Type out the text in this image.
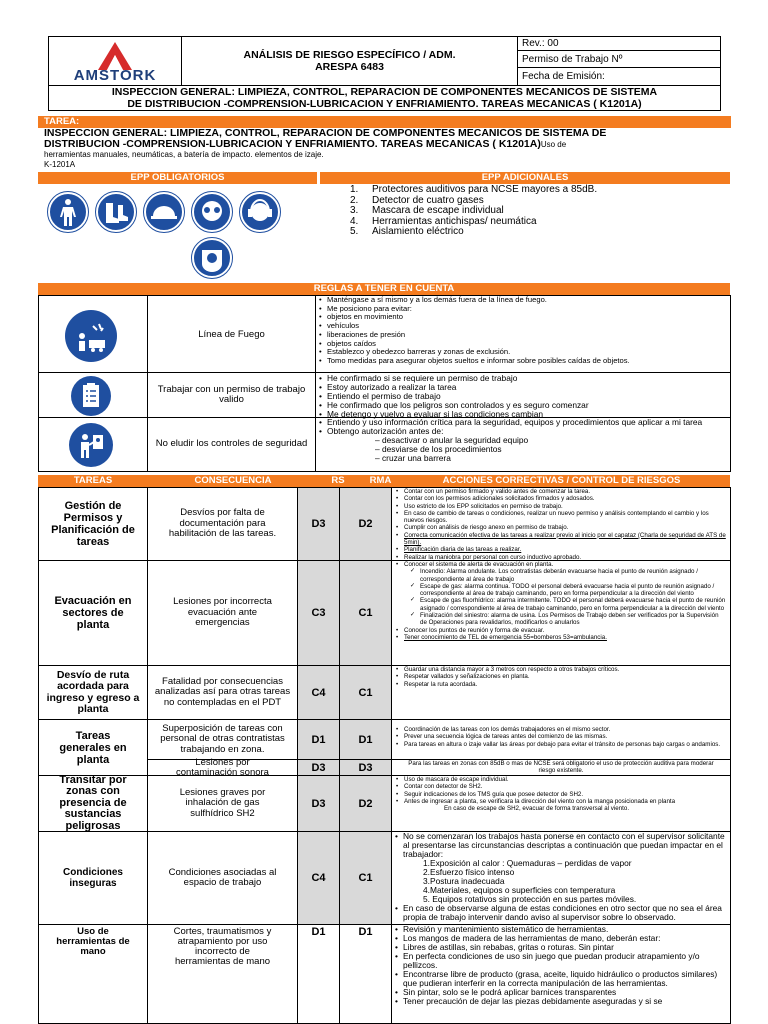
AMSTORK
ANÁLISIS DE RIESGO ESPECÍFICO / ADM.
ARESPA 6483
Rev.: 00
Permiso de Trabajo Nº
Fecha de Emisión:
INSPECCION GENERAL: LIMPIEZA, CONTROL, REPARACION DE COMPONENTES MECANICOS DE SISTEMA
DE DISTRIBUCION -COMPRENSION-LUBRICACION Y ENFRIAMIENTO. TAREAS MECANICAS ( K1201A)
TAREA:
INSPECCION GENERAL: LIMPIEZA, CONTROL, REPARACION DE COMPONENTES MECANICOS DE SISTEMA DE
DISTRIBUCION -COMPRENSION-LUBRICACION Y ENFRIAMIENTO. TAREAS MECANICAS ( K1201A)Uso de
herramientas manuales, neumáticas, a batería de impacto. elementos de izaje.
K-1201A
EPP OBLIGATORIOS	EPP ADICIONALES
1. Protectores auditivos para NCSE mayores a 85dB.
2. Detector de cuatro gases
3. Mascara de escape individual
4. Herramientas antichispas/ neumática
5. Aislamiento eléctrico
REGLAS A TENER EN CUENTA
Línea de Fuego
• Manténgase a sí mismo y a los demás fuera de la línea de fuego.
• Me posiciono para evitar:
• objetos en movimiento
• vehículos
• liberaciones de presión
• objetos caídos
• Establezco y obedezco barreras y zonas de exclusión.
• Tomo medidas para asegurar objetos sueltos e informar sobre posibles caídas de objetos.
Trabajar con un permiso de trabajo valido
• He confirmado si se requiere un permiso de trabajo
• Estoy autorizado a realizar la tarea
• Entiendo el permiso de trabajo
• He confirmado que los peligros son controlados y es seguro comenzar
• Me detengo y vuelvo a evaluar si las condiciones cambian
No eludir los controles de seguridad
• Entiendo y uso información crítica para la seguridad, equipos y procedimientos que aplicar a mi tarea
• Obtengo autorización antes de:
– desactivar o anular la seguridad equipo
– desviarse de los procedimientos
– cruzar una barrera
TAREAS	CONSECUENCIA	RS	RMA	ACCIONES CORRECTIVAS / CONTROL DE RIESGOS
Gestión de Permisos y Planificación de tareas
Desvíos por falta de documentación para habilitación de las tareas.
D3	D2
• Contar con un permiso firmado y valido antes de comenzar la tarea.
• Contar con los permisos adicionales solicitados firmados y adosados.
• Uso estricto de los EPP solicitados en permiso de trabajo.
• En caso de cambio de tareas o condiciones, realizar un nuevo permiso y análisis contemplando el cambio y los nuevos riesgos.
• Cumplir con análisis de riesgo anexo en permiso de trabajo.
• Correcta comunicación efectiva de las tareas a realizar previo al inicio por el capataz (Charla de seguridad de ATS de 5min).
• Planificación diaria de las tareas a realizar.
• Realizar la maniobra por personal con curso inductivo aprobado.
Evacuación en sectores de planta
Lesiones por incorrecta evacuación ante emergencias
C3	C1
• Conocer el sistema de alerta de evacuación en planta.
✓ Incendio: Alarma ondulante. Los contratistas deberán evacuarse hacia el punto de reunión asignado / correspondiente al área de trabajo
✓ Escape de gas: alarma continua. TODO el personal deberá evacuarse hacia el punto de reunión asignado / correspondiente al área de trabajo caminando, pero en forma perpendicular a la dirección del viento
✓ Escape de gas fluorhídrico: alarma intermitente. TODO el personal deberá evacuarse hacia el punto de reunión asignado / correspondiente al área de trabajo caminando, pero en forma perpendicular a la dirección del viento
✓ Finalización del siniestro: alarma de usina. Los Permisos de Trabajo deben ser verificados por la Supervisión de Operaciones para revalidarlos, modificarlos o anularlos
• Conocer los puntos de reunión y forma de evacuar.
• Tener conocimiento de TEL de emergencia 55=bomberos 53=ambulancia.
Desvío de ruta acordada para ingreso y egreso a planta
Fatalidad por consecuencias analizadas así para otras tareas no contempladas en el PDT
C4	C1
• Guardar una distancia mayor a 3 metros con respecto a otros trabajos críticos.
• Respetar vallados y señalizaciones en planta.
• Respetar la ruta acordada.
Tareas generales en planta
Superposición de tareas con personal de otras contratistas trabajando en zona.
D1	D1
• Coordinación de las tareas con los demás trabajadores en el mismo sector.
• Prever una secuencia lógica de tareas antes del comienzo de las mismas.
• Para tareas en altura o izaje vallar las áreas por debajo para evitar el tránsito de personas bajo cargas o andamios.
Lesiones por contaminación sonora	D3	D3	Para las tareas en zonas con 85dB o mas de NCSE será obligatorio el uso de protección auditiva para moderar riesgo existente.
Transitar por zonas con presencia de sustancias peligrosas
Lesiones graves por inhalación de gas sulfhídrico SH2
D3	D2
• Uso de mascara de escape individual.
• Contar con detector de SH2.
• Seguir indicaciones de los TMS guía que posee detector de SH2.
• Antes de ingresar a planta, se verificara la dirección del viento con la manga posicionada en planta
En caso de escape de SH2, evacuar de forma transversal al viento.
Condiciones inseguras
Condiciones asociadas al espacio de trabajo	C4	C1
• No se comenzaran los trabajos hasta ponerse en contacto con el supervisor solicitante al presentarse las circunstancias descriptas a continuación que puedan impactar en el trabajador:
1.Exposición al calor : Quemaduras – perdidas de vapor
2.Esfuerzo físico intenso
3.Postura inadecuada
4.Materiales, equipos o superficies con temperatura
5. Equipos rotativos sin protección en sus partes móviles.
• En caso de observarse alguna de estas condiciones en otro sector que no sea el área propia de trabajo intervenir dando aviso al supervisor sobre lo observado.
Uso de herramientas de mano
Cortes, traumatismos y atrapamiento por uso incorrecto de herramientas de mano
D1	D1
•	Revisión y mantenimiento sistemático de herramientas.
• Los mangos de madera de las herramientas de mano, deberán estar:
• Libres de astillas, sin rebabas, gritas o roturas. Sin pintar
• En perfecta condiciones de uso sin juego que puedan producir atrapamiento y/o pellizcos.
• Encontrarse libre de producto (grasa, aceite, liquido hidráulico o productos similares) que pudieran interferir en la correcta manipulación de las herramientas.
• Sin pintar, solo se le podrá aplicar barnices transparentes
• Tener precaución de dejar las piezas debidamente aseguradas y si se
